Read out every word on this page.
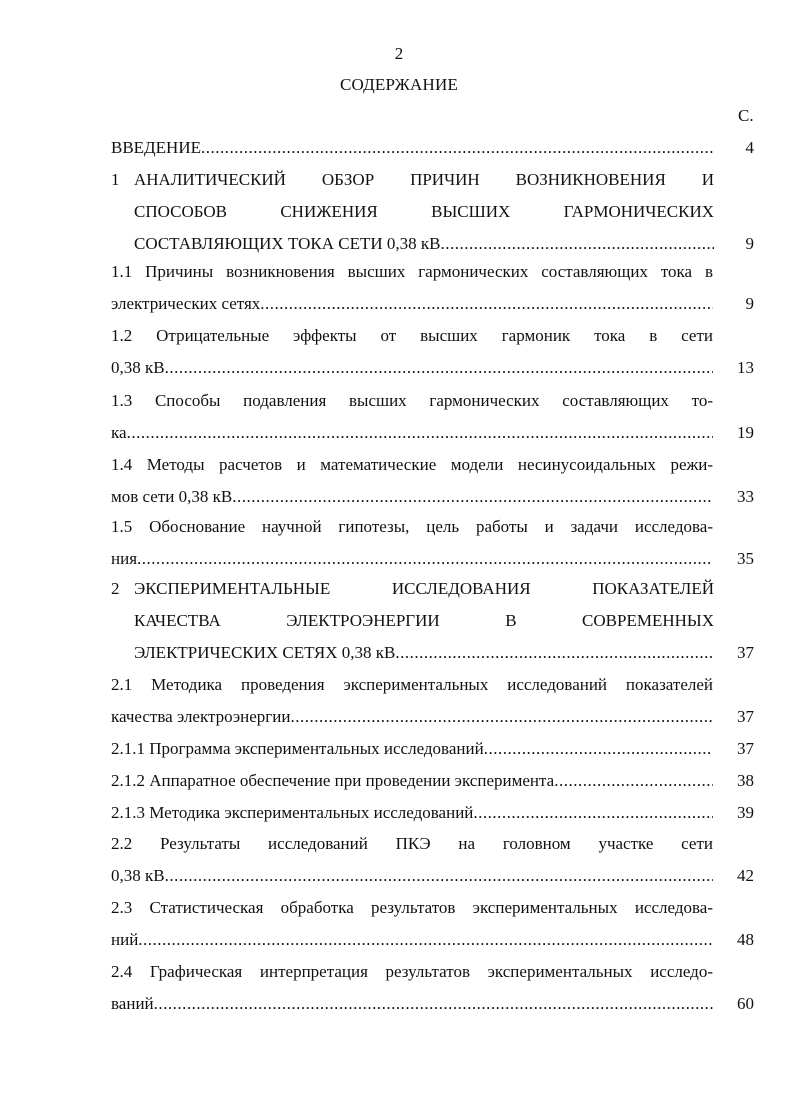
2
СОДЕРЖАНИЕ
С.
ВВЕДЕНИЕ .....	4
1 АНАЛИТИЧЕСКИЙ ОБЗОР ПРИЧИН ВОЗНИКНОВЕНИЯ И
СПОСОБОВ СНИЖЕНИЯ ВЫСШИХ ГАРМОНИЧЕСКИХ
СОСТАВЛЯЮЩИХ ТОКА СЕТИ 0,38 кВ .....	9
1.1 Причины возникновения высших гармонических составляющих тока в
электрических сетях .....	9
1.2 Отрицательные эффекты от высших гармоник тока в сети
0,38 кВ .....	13
1.3 Способы подавления высших гармонических составляющих то-
ка .....	19
1.4 Методы расчетов и математические модели несинусоидальных режи-
мов сети 0,38 кВ .....	33
1.5 Обоснование научной гипотезы, цель работы и задачи исследова-
ния .....	35
2 ЭКСПЕРИМЕНТАЛЬНЫЕ ИССЛЕДОВАНИЯ ПОКАЗАТЕЛЕЙ
КАЧЕСТВА ЭЛЕКТРОЭНЕРГИИ В СОВРЕМЕННЫХ
ЭЛЕКТРИЧЕСКИХ СЕТЯХ 0,38 кВ .....	37
2.1 Методика проведения экспериментальных исследований показателей
качества электроэнергии .....	37
2.1.1 Программа экспериментальных исследований .....	37
2.1.2 Аппаратное обеспечение при проведении эксперимента .....	38
2.1.3 Методика экспериментальных исследований .....	39
2.2 Результаты исследований ПКЭ на головном участке сети
0,38 кВ .....	42
2.3 Статистическая обработка результатов экспериментальных исследова-
ний .....	48
2.4 Графическая интерпретация результатов экспериментальных исследо-
ваний .....	60
